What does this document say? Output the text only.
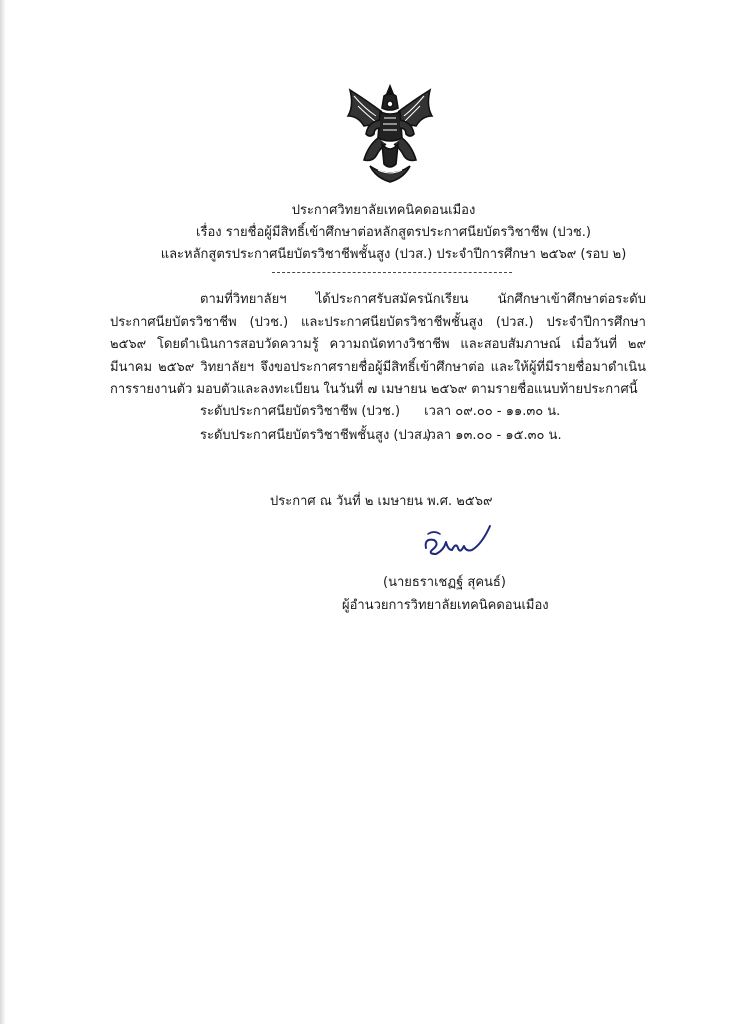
ประกาศวิทยาลัยเทคนิคดอนเมือง
เรื่อง รายชื่อผู้มีสิทธิ์เข้าศึกษาต่อหลักสูตรประกาศนียบัตรวิชาชีพ (ปวช.)
และหลักสูตรประกาศนียบัตรวิชาชีพชั้นสูง (ปวส.) ประจำปีการศึกษา ๒๕๖๙ (รอบ ๒)

ตามที่วิทยาลัยฯ ได้ประกาศรับสมัครนักเรียน นักศึกษาเข้าศึกษาต่อระดับประกาศนียบัตรวิชาชีพ (ปวช.) และประกาศนียบัตรวิชาชีพชั้นสูง (ปวส.) ประจำปีการศึกษา ๒๕๖๙ โดยดำเนินการสอบวัดความรู้ ความถนัดทางวิชาชีพ และสอบสัมภาษณ์ เมื่อวันที่ ๒๙ มีนาคม ๒๕๖๙ วิทยาลัยฯ จึงขอประกาศรายชื่อผู้มีสิทธิ์เข้าศึกษาต่อ และให้ผู้ที่มีรายชื่อมาดำเนินการรายงานตัว มอบตัวและลงทะเบียน ในวันที่ ๗ เมษายน ๒๕๖๙ ตามรายชื่อแนบท้ายประกาศนี้

ระดับประกาศนียบัตรวิชาชีพ (ปวช.) เวลา ๐๙.๐๐ - ๑๑.๓๐ น.
ระดับประกาศนียบัตรวิชาชีพชั้นสูง (ปวส.) เวลา ๑๓.๐๐ - ๑๕.๓๐ น.
ประกาศ ณ วันที่ ๒ เมษายน พ.ศ. ๒๕๖๙
(นายธราเชฏฐ์ สุคนธ์)
ผู้อำนวยการวิทยาลัยเทคนิคดอนเมือง
